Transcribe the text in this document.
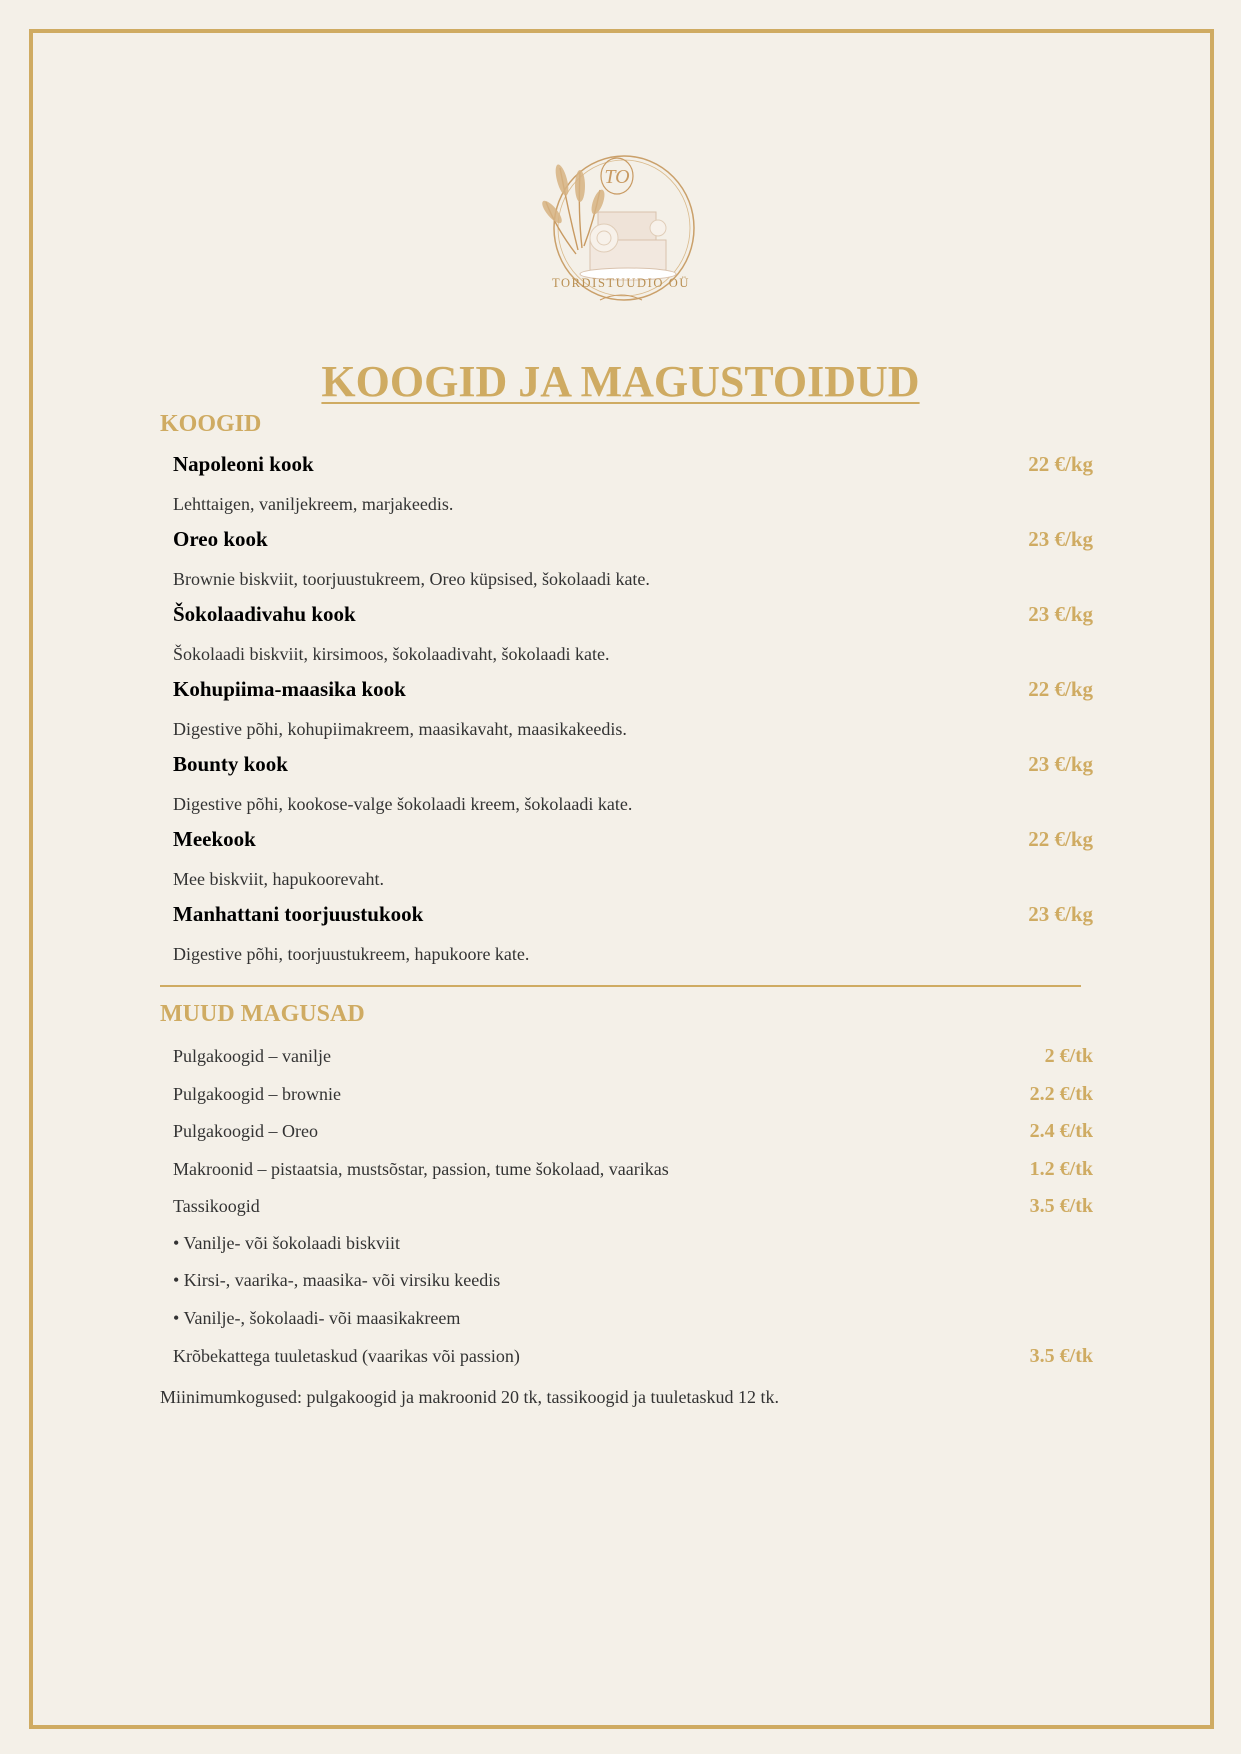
TO
TORDISTUUDIO OÜ
KOOGID JA MAGUSTOIDUD
KOOGID
Napoleoni kook	22 €/kg
Lehttaigen, vaniljekreem, marjakeedis.
Oreo kook	23 €/kg
Brownie biskviit, toorjuustukreem, Oreo küpsised, šokolaadi kate.
Šokolaadivahu kook	23 €/kg
Šokolaadi biskviit, kirsimoos, šokolaadivaht, šokolaadi kate.
Kohupiima-maasika kook	22 €/kg
Digestive põhi, kohupiimakreem, maasikavaht, maasikakeedis.
Bounty kook	23 €/kg
Digestive põhi, kookose-valge šokolaadi kreem, šokolaadi kate.
Meekook	22 €/kg
Mee biskviit, hapukoorevaht.
Manhattani toorjuustukook	23 €/kg
Digestive põhi, toorjuustukreem, hapukoore kate.
MUUD MAGUSAD
Pulgakoogid – vanilje	2 €/tk
Pulgakoogid – brownie	2.2 €/tk
Pulgakoogid – Oreo	2.4 €/tk
Makroonid – pistaatsia, mustsõstar, passion, tume šokolaad, vaarikas	1.2 €/tk
Tassikoogid	3.5 €/tk
• Vanilje- või šokolaadi biskviit
• Kirsi-, vaarika-, maasika- või virsiku keedis
• Vanilje-, šokolaadi- või maasikakreem
Krõbekattega tuuletaskud (vaarikas või passion)	3.5 €/tk
Miinimumkogused: pulgakoogid ja makroonid 20 tk, tassikoogid ja tuuletaskud 12 tk.
